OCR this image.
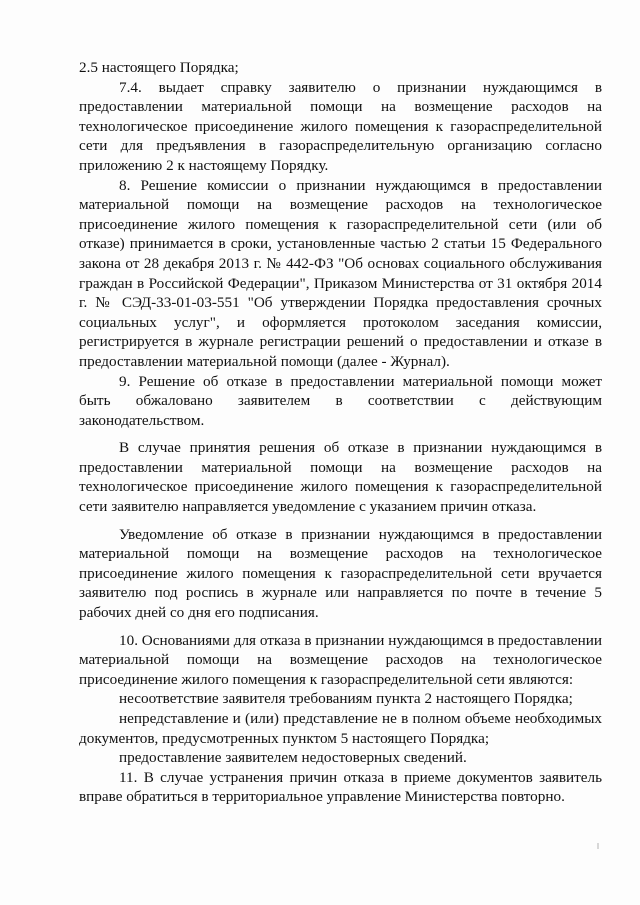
2.5 настоящего Порядка;

7.4. выдает справку заявителю о признании нуждающимся в предоставлении материальной помощи на возмещение расходов на технологическое присоединение жилого помещения к газораспределительной сети для предъявления в газораспределительную организацию согласно приложению 2 к настоящему Порядку.

8. Решение комиссии о признании нуждающимся в предоставлении материальной помощи на возмещение расходов на технологическое присоединение жилого помещения к газораспределительной сети (или об отказе) принимается в сроки, установленные частью 2 статьи 15 Федерального закона от 28 декабря 2013 г. № 442-ФЗ "Об основах социального обслуживания граждан в Российской Федерации", Приказом Министерства от 31 октября 2014 г. № СЭД-33-01-03-551 "Об утверждении Порядка предоставления срочных социальных услуг", и оформляется протоколом заседания комиссии, регистрируется в журнале регистрации решений о предоставлении и отказе в предоставлении материальной помощи (далее - Журнал).

9. Решение об отказе в предоставлении материальной помощи может быть обжаловано заявителем в соответствии с действующим законодательством.

В случае принятия решения об отказе в признании нуждающимся в предоставлении материальной помощи на возмещение расходов на технологическое присоединение жилого помещения к газораспределительной сети заявителю направляется уведомление с указанием причин отказа.

Уведомление об отказе в признании нуждающимся в предоставлении материальной помощи на возмещение расходов на технологическое присоединение жилого помещения к газораспределительной сети вручается заявителю под роспись в журнале или направляется по почте в течение 5 рабочих дней со дня его подписания.

10. Основаниями для отказа в признании нуждающимся в предоставлении материальной помощи на возмещение расходов на технологическое присоединение жилого помещения к газораспределительной сети являются:

несоответствие заявителя требованиям пункта 2 настоящего Порядка;

непредставление и (или) представление не в полном объеме необходимых документов, предусмотренных пунктом 5 настоящего Порядка;

предоставление заявителем недостоверных сведений.

11. В случае устранения причин отказа в приеме документов заявитель вправе обратиться в территориальное управление Министерства повторно.
